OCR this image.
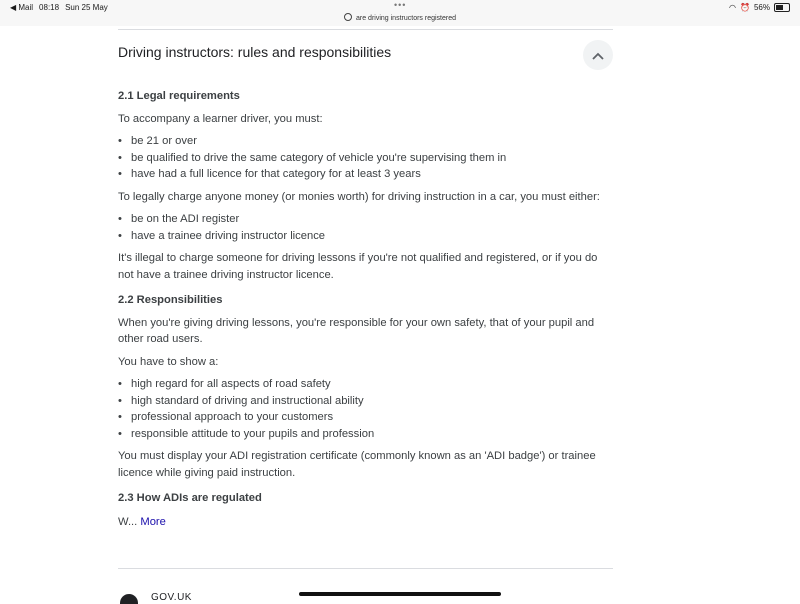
◀ Mail 08:18 Sun 25 May	•••
are driving instructors registered
◠ ⏰ 56%
Driving instructors: rules and responsibilities
2.1 Legal requirements

To accompany a learner driver, you must:

• be 21 or over
• be qualified to drive the same category of vehicle you're supervising them in
• have had a full licence for that category for at least 3 years

To legally charge anyone money (or monies worth) for driving instruction in a car, you must either:

• be on the ADI register
• have a trainee driving instructor licence

It's illegal to charge someone for driving lessons if you're not qualified and registered, or if you do not have a trainee driving instructor licence.

2.2 Responsibilities

When you're giving driving lessons, you're responsible for your own safety, that of your pupil and other road users.

You have to show a:

• high regard for all aspects of road safety
• high standard of driving and instructional ability
• professional approach to your customers
• responsible attitude to your pupils and profession

You must display your ADI registration certificate (commonly known as an 'ADI badge') or trainee licence while giving paid instruction.

2.3 How ADIs are regulated

W... More

GOV.UK
